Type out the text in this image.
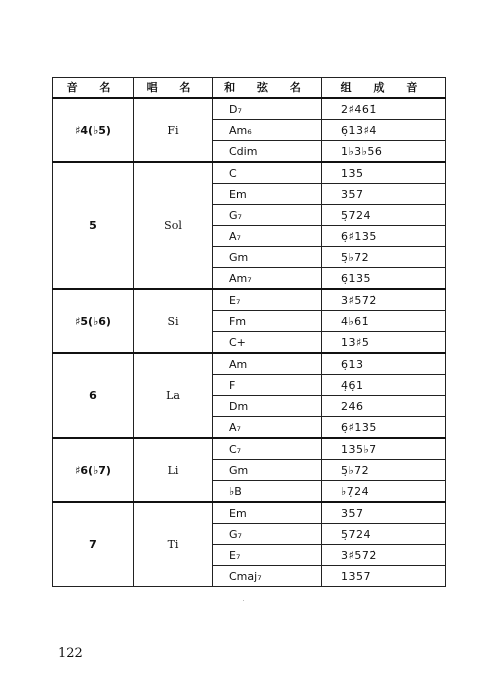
音 名	唱 名	和 弦 名	组 成 音
♯4(♭5)	Fi	D₇	2♯461̇
		Am₆	6̣13♯4
		Cdim	1♭3♭56
5	Sol	C	135
		Em	357
		G₇	5̣724
		A₇	6̣♯135
		Gm	5̣♭72
		Am₇	6̣135
♯5(♭6)	Si	E₇	3♯572̇
		Fm	4♭61̇
		C+	13♯5
6	La	Am	6̣13
		F	4̣6̣1
		Dm	246
		A₇	6̣♯135
♯6(♭7)	Li	C₇	135♭7
		Gm	5̣♭72
		♭B	♭7̣24
7	Ti	Em	357
		G₇	5̣724
		E₇	3♯572̇
		Cmaj₇	1357
122
